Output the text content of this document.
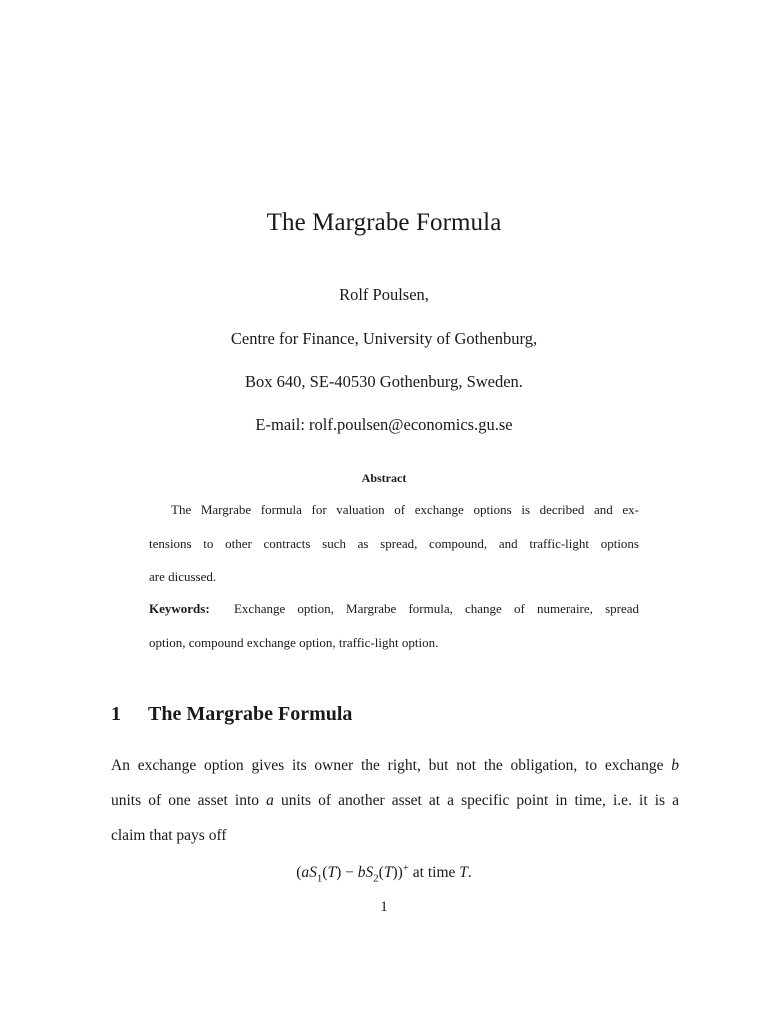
The Margrabe Formula
Rolf Poulsen,
Centre for Finance, University of Gothenburg,
Box 640, SE-40530 Gothenburg, Sweden.
E-mail: rolf.poulsen@economics.gu.se
Abstract
The Margrabe formula for valuation of exchange options is decribed and ex-
tensions to other contracts such as spread, compound, and traffic-light options
are dicussed.
Keywords: Exchange option, Margrabe formula, change of numeraire, spread
option, compound exchange option, traffic-light option.
1 The Margrabe Formula
An exchange option gives its owner the right, but not the obligation, to exchange b
units of one asset into a units of another asset at a specific point in time, i.e. it is a
claim that pays off
$(aS_1(T) - bS_2(T))^+$ at time T.
1
